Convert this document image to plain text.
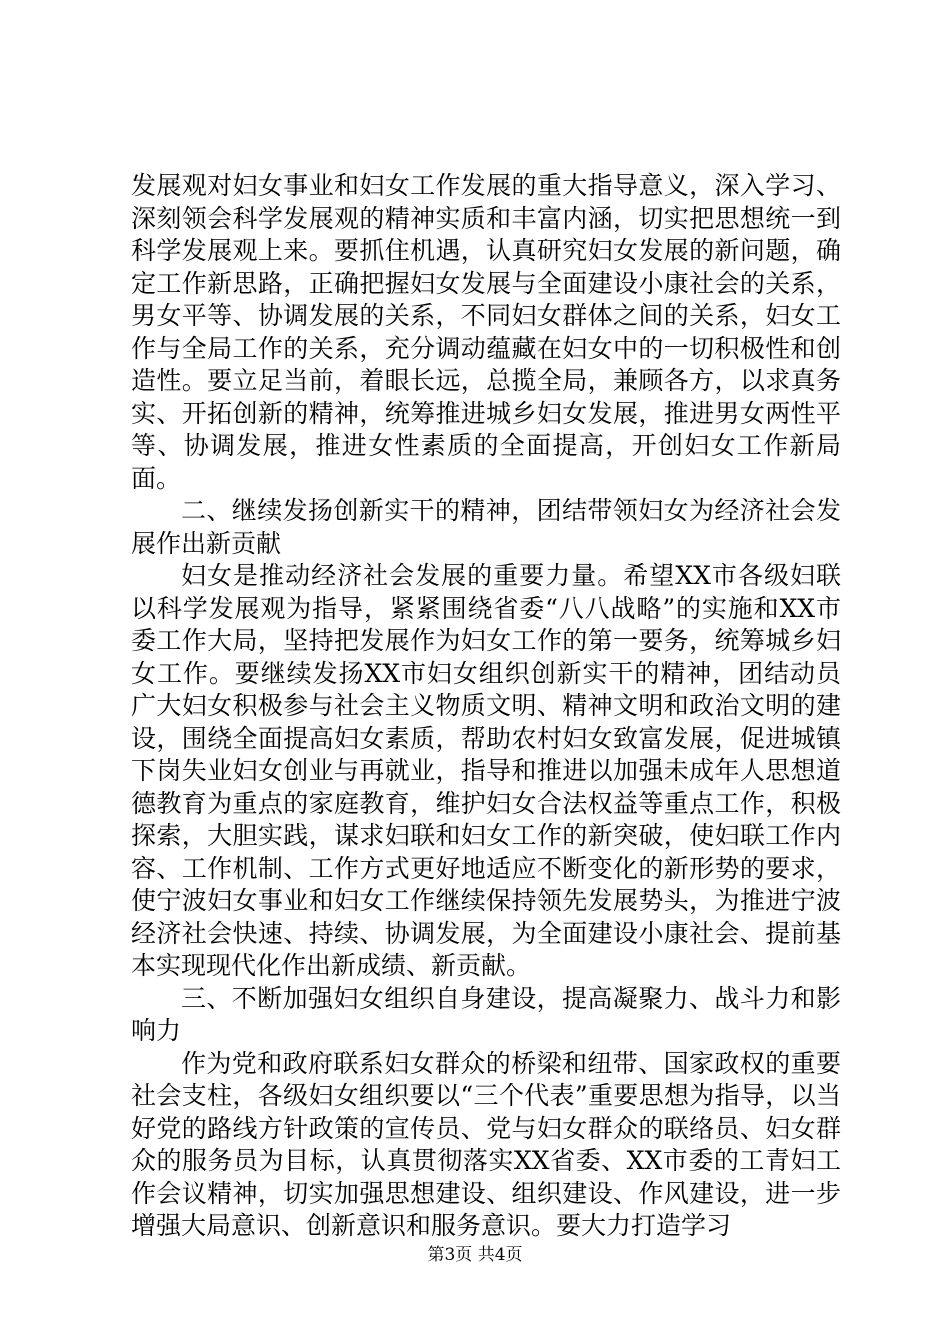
发展观对妇女事业和妇女工作发展的重大指导意义，深入学习、深刻领会科学发展观的精神实质和丰富内涵，切实把思想统一到科学发展观上来。要抓住机遇，认真研究妇女发展的新问题，确定工作新思路，正确把握妇女发展与全面建设小康社会的关系，男女平等、协调发展的关系，不同妇女群体之间的关系，妇女工作与全局工作的关系，充分调动蕴藏在妇女中的一切积极性和创造性。要立足当前，着眼长远，总揽全局，兼顾各方，以求真务实、开拓创新的精神，统筹推进城乡妇女发展，推进男女两性平等、协调发展，推进女性素质的全面提高，开创妇女工作新局面。

二、继续发扬创新实干的精神，团结带领妇女为经济社会发展作出新贡献

妇女是推动经济社会发展的重要力量。希望XX市各级妇联以科学发展观为指导，紧紧围绕省委“八八战略”的实施和XX市委工作大局，坚持把发展作为妇女工作的第一要务，统筹城乡妇女工作。要继续发扬XX市妇女组织创新实干的精神，团结动员广大妇女积极参与社会主义物质文明、精神文明和政治文明的建设，围绕全面提高妇女素质，帮助农村妇女致富发展，促进城镇下岗失业妇女创业与再就业，指导和推进以加强未成年人思想道德教育为重点的家庭教育，维护妇女合法权益等重点工作，积极探索，大胆实践，谋求妇联和妇女工作的新突破，使妇联工作内容、工作机制、工作方式更好地适应不断变化的新形势的要求，使宁波妇女事业和妇女工作继续保持领先发展势头，为推进宁波经济社会快速、持续、协调发展，为全面建设小康社会、提前基本实现现代化作出新成绩、新贡献。

三、不断加强妇女组织自身建设，提高凝聚力、战斗力和影响力

作为党和政府联系妇女群众的桥梁和纽带、国家政权的重要社会支柱，各级妇女组织要以“三个代表”重要思想为指导，以当好党的路线方针政策的宣传员、党与妇女群众的联络员、妇女群众的服务员为目标，认真贯彻落实XX省委、XX市委的工青妇工作会议精神，切实加强思想建设、组织建设、作风建设，进一步增强大局意识、创新意识和服务意识。要大力打造学习

第3页 共4页
